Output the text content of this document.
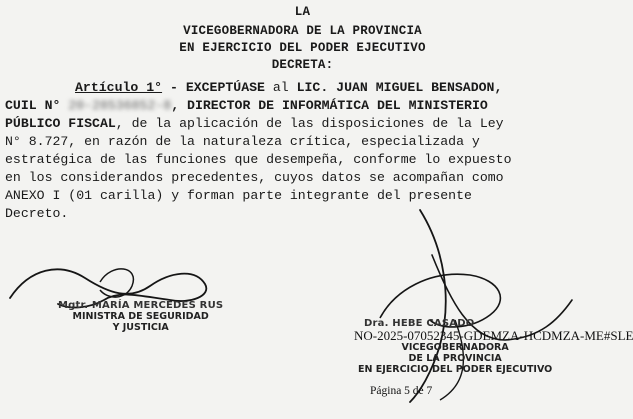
LA
VICEGOBERNADORA DE LA PROVINCIA
EN EJERCICIO DEL PODER EJECUTIVO
DECRETA:
Artículo 1° - EXCEPTÚASE al LIC. JUAN MIGUEL BENSADON,
CUIL N° 20-28536852-8, DIRECTOR DE INFORMÁTICA DEL MINISTERIO
PÚBLICO FISCAL, de la aplicación de las disposiciones de la Ley
N° 8.727, en razón de la naturaleza crítica, especializada y
estratégica de las funciones que desempeña, conforme lo expuesto
en los considerandos precedentes, cuyos datos se acompañan como
ANEXO I (01 carilla) y forman parte integrante del presente
Decreto.
Mgtr. MARÍA MERCEDES RUS
MINISTRA DE SEGURIDAD
Y JUSTICIA	Dra. HEBE CASADO
VICEGOBERNADORA
DE LA PROVINCIA
EN EJERCICIO DEL PODER EJECUTIVO
NO-2025-07052345-GDEMZA-HCDMZA-ME#SLE
Página 5 de 7
